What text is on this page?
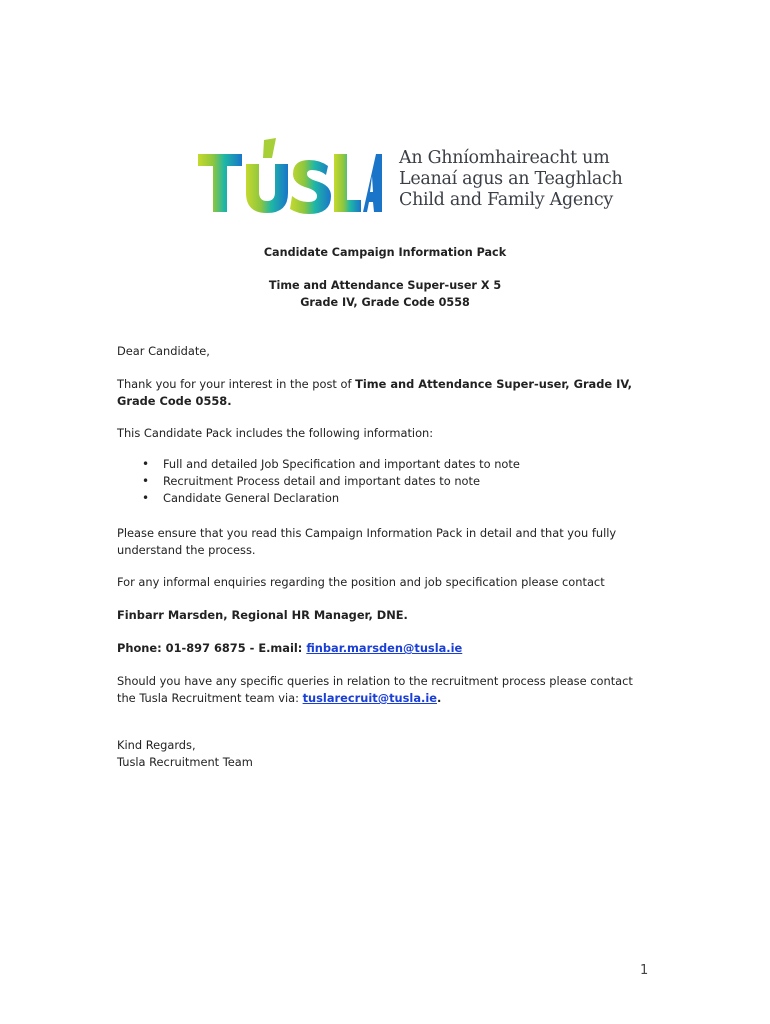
An Ghníomhaireacht um
Leanaí agus an Teaghlach
Child and Family Agency
Candidate Campaign Information Pack
Time and Attendance Super-user X 5
Grade IV, Grade Code 0558
Dear Candidate,
Thank you for your interest in the post of Time and Attendance Super-user, Grade IV, Grade Code 0558.
This Candidate Pack includes the following information:
• Full and detailed Job Specification and important dates to note
• Recruitment Process detail and important dates to note
• Candidate General Declaration
Please ensure that you read this Campaign Information Pack in detail and that you fully understand the process.
For any informal enquiries regarding the position and job specification please contact
Finbarr Marsden, Regional HR Manager, DNE.
Phone: 01-897 6875 - E.mail: finbar.marsden@tusla.ie
Should you have any specific queries in relation to the recruitment process please contact the Tusla Recruitment team via: tuslarecruit@tusla.ie.
Kind Regards,
Tusla Recruitment Team
1
